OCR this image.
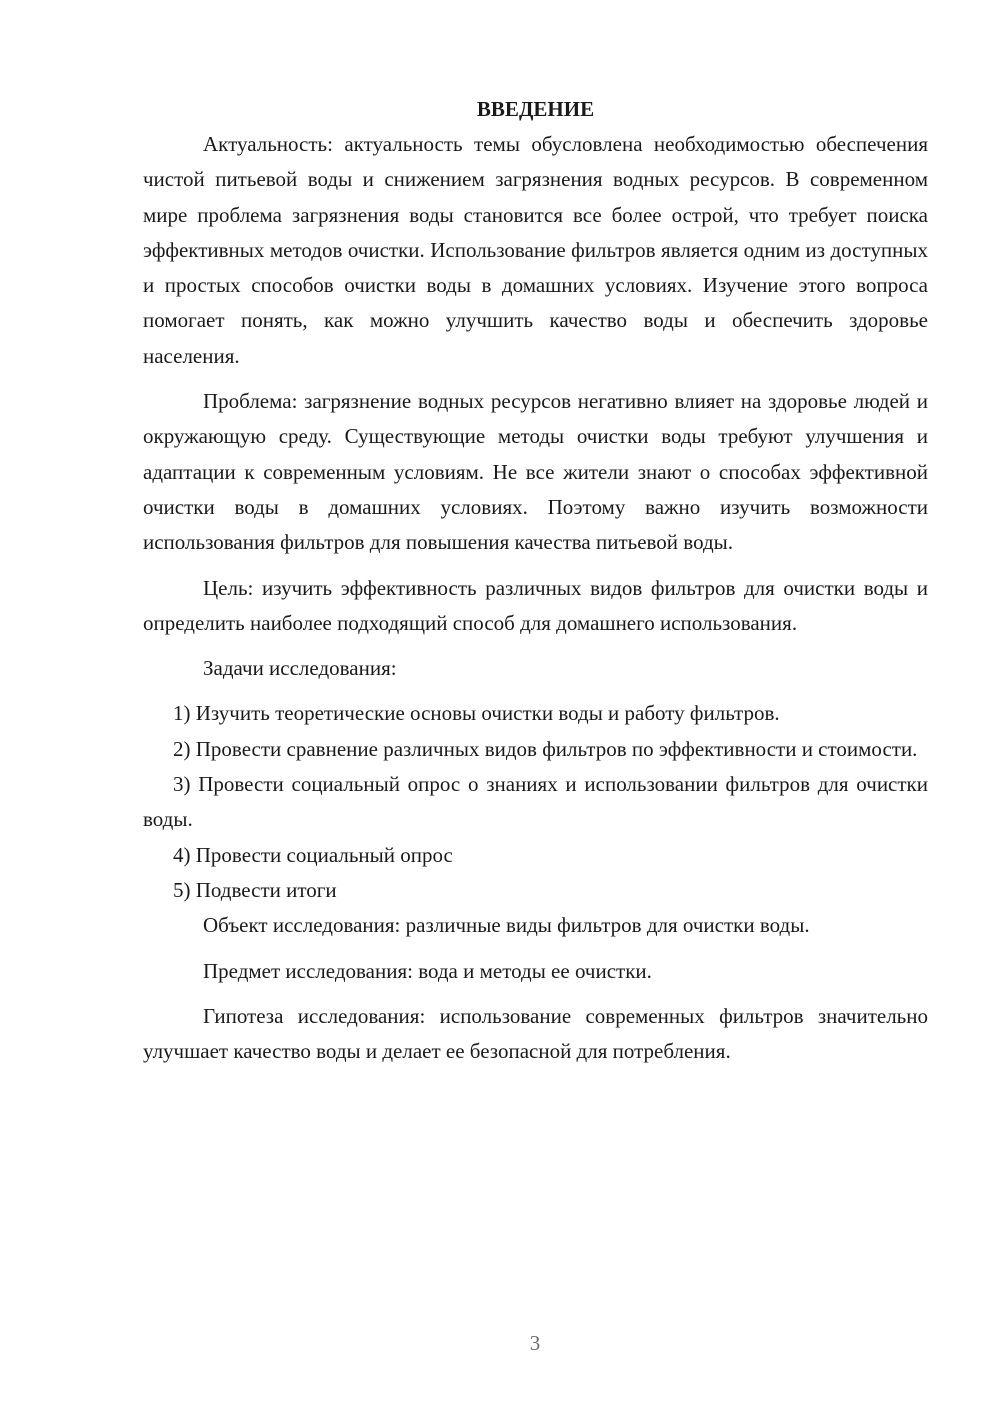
ВВЕДЕНИЕ

Актуальность: актуальность темы обусловлена необходимостью обеспечения чистой питьевой воды и снижением загрязнения водных ресурсов. В современном мире проблема загрязнения воды становится все более острой, что требует поиска эффективных методов очистки. Использование фильтров является одним из доступных и простых способов очистки воды в домашних условиях. Изучение этого вопроса помогает понять, как можно улучшить качество воды и обеспечить здоровье населения.

Проблема: загрязнение водных ресурсов негативно влияет на здоровье людей и окружающую среду. Существующие методы очистки воды требуют улучшения и адаптации к современным условиям. Не все жители знают о способах эффективной очистки воды в домашних условиях. Поэтому важно изучить возможности использования фильтров для повышения качества питьевой воды.

Цель: изучить эффективность различных видов фильтров для очистки воды и определить наиболее подходящий способ для домашнего использования.

Задачи исследования:

1) Изучить теоретические основы очистки воды и работу фильтров.

2) Провести сравнение различных видов фильтров по эффективности и стоимости.

3) Провести социальный опрос о знаниях и использовании фильтров для очистки воды.

4) Провести социальный опрос

5) Подвести итоги

Объект исследования: различные виды фильтров для очистки воды.

Предмет исследования: вода и методы ее очистки.

Гипотеза исследования: использование современных фильтров значительно улучшает качество воды и делает ее безопасной для потребления.

3
